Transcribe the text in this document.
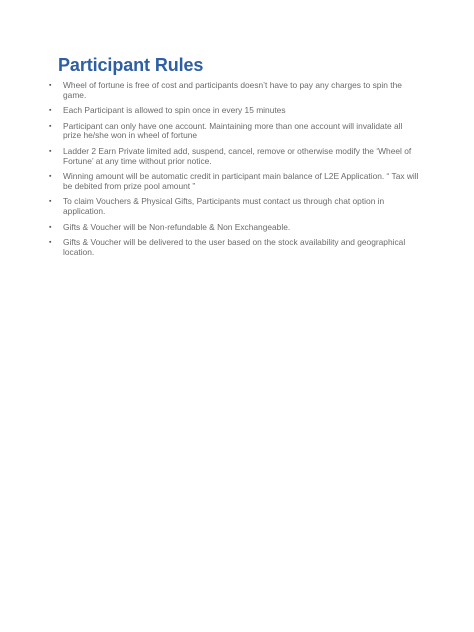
Participant Rules
▪ Wheel of fortune is free of cost and participants doesn’t have to pay any charges to spin the game.
▪ Each Participant is allowed to spin once in every 15 minutes
▪ Participant can only have one account. Maintaining more than one account will invalidate all prize he/she won in wheel of fortune
▪ Ladder 2 Earn Private limited add, suspend, cancel, remove or otherwise modify the ‘Wheel of Fortune’ at any time without prior notice.
▪ Winning amount will be automatic credit in participant main balance of L2E Application. “ Tax will be debited from prize pool amount ”
▪ To claim Vouchers & Physical Gifts, Participants must contact us through chat option in application.
▪ Gifts & Voucher will be Non-refundable & Non Exchangeable.
▪ Gifts & Voucher will be delivered to the user based on the stock availability and geographical location.
